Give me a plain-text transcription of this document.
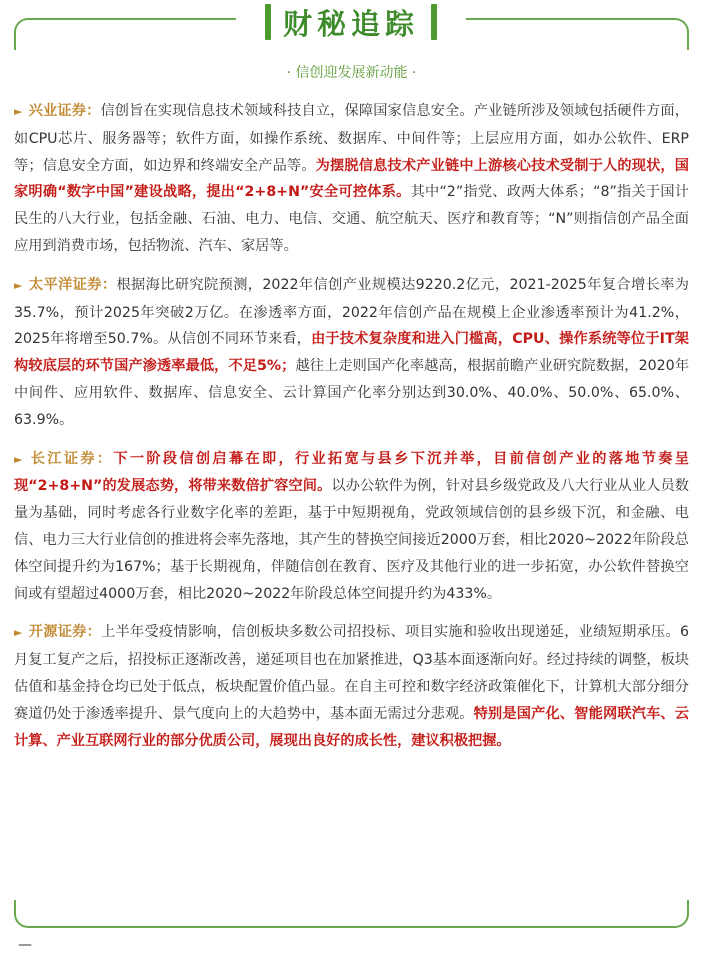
财秘追踪
· 信创迎发展新动能 ·

► 兴业证券：信创旨在实现信息技术领域科技自立，保障国家信息安全。产业链所涉及领域包括硬件方面，如CPU芯片、服务器等；软件方面，如操作系统、数据库、中间件等；上层应用方面，如办公软件、ERP等；信息安全方面，如边界和终端安全产品等。为摆脱信息技术产业链中上游核心技术受制于人的现状，国家明确“数字中国”建设战略，提出“2+8+N”安全可控体系。其中“2”指党、政两大体系；“8”指关于国计民生的八大行业，包括金融、石油、电力、电信、交通、航空航天、医疗和教育等；“N”则指信创产品全面应用到消费市场，包括物流、汽车、家居等。

► 太平洋证券：根据海比研究院预测，2022年信创产业规模达9220.2亿元，2021-2025年复合增长率为35.7%，预计2025年突破2万亿。在渗透率方面，2022年信创产品在规模上企业渗透率预计为41.2%，2025年将增至50.7%。从信创不同环节来看，由于技术复杂度和进入门槛高，CPU、操作系统等位于IT架构较底层的环节国产渗透率最低，不足5%；越往上走则国产化率越高，根据前瞻产业研究院数据，2020年中间件、应用软件、数据库、信息安全、云计算国产化率分别达到30.0%、40.0%、50.0%、65.0%、63.9%。

► 长江证券：下一阶段信创启幕在即，行业拓宽与县乡下沉并举，目前信创产业的落地节奏呈现“2+8+N”的发展态势，将带来数倍扩容空间。以办公软件为例，针对县乡级党政及八大行业从业人员数量为基础，同时考虑各行业数字化率的差距，基于中短期视角，党政领域信创的县乡级下沉，和金融、电信、电力三大行业信创的推进将会率先落地，其产生的替换空间接近2000万套，相比2020~2022年阶段总体空间提升约为167%；基于长期视角，伴随信创在教育、医疗及其他行业的进一步拓宽，办公软件替换空间或有望超过4000万套，相比2020~2022年阶段总体空间提升约为433%。

► 开源证券：上半年受疫情影响，信创板块多数公司招投标、项目实施和验收出现递延，业绩短期承压。6月复工复产之后，招投标正逐渐改善，递延项目也在加紧推进，Q3基本面逐渐向好。经过持续的调整，板块估值和基金持仓均已处于低点，板块配置价值凸显。在自主可控和数字经济政策催化下，计算机大部分细分赛道仍处于渗透率提升、景气度向上的大趋势中，基本面无需过分悲观。特别是国产化、智能网联汽车、云计算、产业互联网行业的部分优质公司，展现出良好的成长性，建议积极把握。

—　　
